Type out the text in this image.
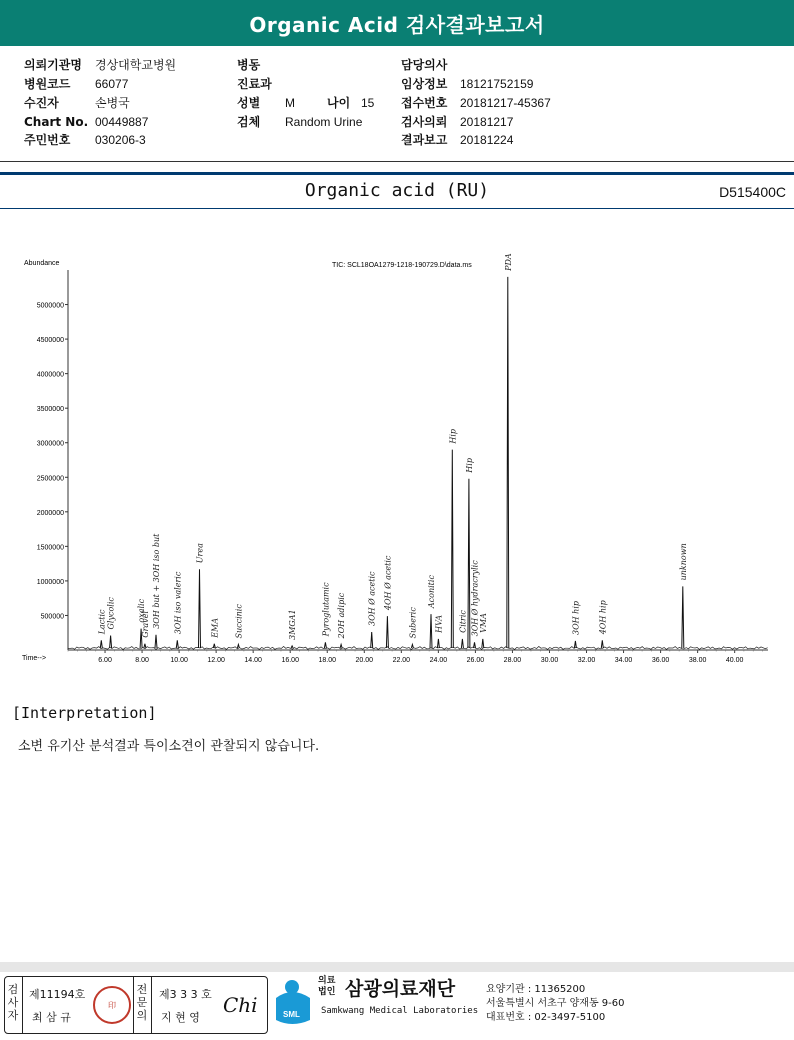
Organic Acid 검사결과보고서
의뢰기관명 경상대학교병원
병원코드 66077
수진자	손병국
Chart No. 00449887
주민번호 030206-3
병동
진료과
성별 M	나이 15
검체 Random Urine
담당의사
임상정보 18121752159
접수번호 20181217-45367
검사의뢰 20181217
결과보고 20181224
Organic acid (RU)	D515400C
500000
1000000
1500000
2000000
2500000
3000000
3500000
4000000
4500000
5000000
6.00	8.00	10.00	12.00	14.00	16.00	18.00	20.00	22.00	24.00	26.00	28.00	30.00	32.00	34.00	36.00	38.00	40.00
Abundance
Time-->
TIC: SCL18OA1279-1218-190729.D\data.ms
Lactic Glycolic	oxalic
Gravel 3OH but + 3OH iso but 3OH iso valeric
Urea
EMA Succinic	3MGA1	Pyroglutamic 2OH adipic	3OH Ø acetic 4OH Ø acetic
Suberic
Aconitic
HVA
Hip
Citric
Hip
3OH Ø hydracrylic VMA
PDA
3OH hip 4OH hip
unknown
[Interpretation]
소변 유기산 분석결과 특이소견이 관찰되지 않습니다.
검사자
제11194호
최 삼 규
印
전문의
제3 3 3 호
지 현 영
Chi	SML
의료법인 삼광의료재단
Samkwang Medical Laboratories
요양기관 : 11365200
서울특별시 서초구 양재동 9-60
대표번호 : 02-3497-5100
